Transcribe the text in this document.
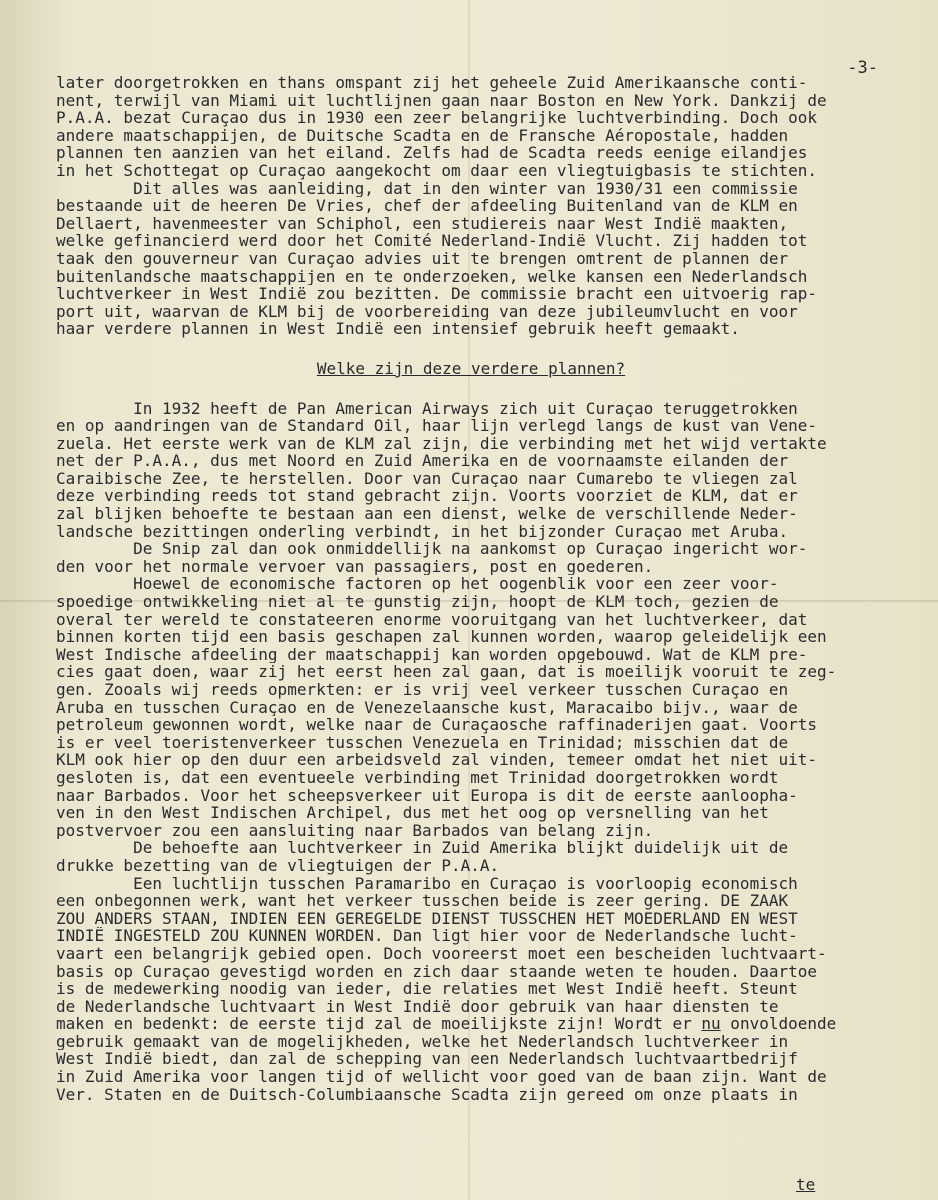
-3-
later doorgetrokken en thans omspant zij het geheele Zuid Amerikaansche conti-
nent, terwijl van Miami uit luchtlijnen gaan naar Boston en New York. Dankzij de
P.A.A. bezat Curaçao dus in 1930 een zeer belangrijke luchtverbinding. Doch ook
andere maatschappijen, de Duitsche Scadta en de Fransche Aéropostale, hadden
plannen ten aanzien van het eiland. Zelfs had de Scadta reeds eenige eilandjes
in het Schottegat op Curaçao aangekocht om daar een vliegtuigbasis te stichten.
Dit alles was aanleiding, dat in den winter van 1930/31 een commissie
bestaande uit de heeren De Vries, chef der afdeeling Buitenland van de KLM en
Dellaert, havenmeester van Schiphol, een studiereis naar West Indië maakten,
welke gefinancierd werd door het Comité Nederland-Indië Vlucht. Zij hadden tot
taak den gouverneur van Curaçao advies uit te brengen omtrent de plannen der
buitenlandsche maatschappijen en te onderzoeken, welke kansen een Nederlandsch
luchtverkeer in West Indië zou bezitten. De commissie bracht een uitvoerig rap-
port uit, waarvan de KLM bij de voorbereiding van deze jubileumvlucht en voor
haar verdere plannen in West Indië een intensief gebruik heeft gemaakt.
Welke zijn deze verdere plannen?
In 1932 heeft de Pan American Airways zich uit Curaçao teruggetrokken
en op aandringen van de Standard Oil, haar lijn verlegd langs de kust van Vene-
zuela. Het eerste werk van de KLM zal zijn, die verbinding met het wijd vertakte
net der P.A.A., dus met Noord en Zuid Amerika en de voornaamste eilanden der
Caraibische Zee, te herstellen. Door van Curaçao naar Cumarebo te vliegen zal
deze verbinding reeds tot stand gebracht zijn. Voorts voorziet de KLM, dat er
zal blijken behoefte te bestaan aan een dienst, welke de verschillende Neder-
landsche bezittingen onderling verbindt, in het bijzonder Curaçao met Aruba.
De Snip zal dan ook onmiddellijk na aankomst op Curaçao ingericht wor-
den voor het normale vervoer van passagiers, post en goederen.
Hoewel de economische factoren op het oogenblik voor een zeer voor-
spoedige ontwikkeling niet al te gunstig zijn, hoopt de KLM toch, gezien de
overal ter wereld te constateeren enorme vooruitgang van het luchtverkeer, dat
binnen korten tijd een basis geschapen zal kunnen worden, waarop geleidelijk een
West Indische afdeeling der maatschappij kan worden opgebouwd. Wat de KLM pre-
cies gaat doen, waar zij het eerst heen zal gaan, dat is moeilijk vooruit te zeg-
gen. Zooals wij reeds opmerkten: er is vrij veel verkeer tusschen Curaçao en
Aruba en tusschen Curaçao en de Venezelaansche kust, Maracaibo bijv., waar de
petroleum gewonnen wordt, welke naar de Curaçaosche raffinaderijen gaat. Voorts
is er veel toeristenverkeer tusschen Venezuela en Trinidad; misschien dat de
KLM ook hier op den duur een arbeidsveld zal vinden, temeer omdat het niet uit-
gesloten is, dat een eventueele verbinding met Trinidad doorgetrokken wordt
naar Barbados. Voor het scheepsverkeer uit Europa is dit de eerste aanloopha-
ven in den West Indischen Archipel, dus met het oog op versnelling van het
postvervoer zou een aansluiting naar Barbados van belang zijn.
De behoefte aan luchtverkeer in Zuid Amerika blijkt duidelijk uit de
drukke bezetting van de vliegtuigen der P.A.A.
Een luchtlijn tusschen Paramaribo en Curaçao is voorloopig economisch
een onbegonnen werk, want het verkeer tusschen beide is zeer gering. DE ZAAK
ZOU ANDERS STAAN, INDIEN EEN GEREGELDE DIENST TUSSCHEN HET MOEDERLAND EN WEST
INDIË INGESTELD ZOU KUNNEN WORDEN. Dan ligt hier voor de Nederlandsche lucht-
vaart een belangrijk gebied open. Doch vooreerst moet een bescheiden luchtvaart-
basis op Curaçao gevestigd worden en zich daar staande weten te houden. Daartoe
is de medewerking noodig van ieder, die relaties met West Indië heeft. Steunt
de Nederlandsche luchtvaart in West Indië door gebruik van haar diensten te
maken en bedenkt: de eerste tijd zal de moeilijkste zijn! Wordt er nu onvoldoende
gebruik gemaakt van de mogelijkheden, welke het Nederlandsch luchtverkeer in
West Indië biedt, dan zal de schepping van een Nederlandsch luchtvaartbedrijf
in Zuid Amerika voor langen tijd of wellicht voor goed van de baan zijn. Want de
Ver. Staten en de Duitsch-Columbiaansche Scadta zijn gereed om onze plaats in
te
